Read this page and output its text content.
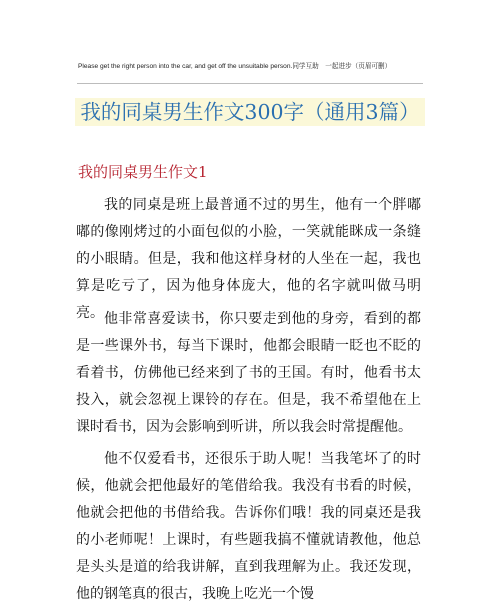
Please get the right person into the car, and get off the unsuitable person.同学互助　一起进步（页眉可删）
我的同桌男生作文300字（通用3篇）
我的同桌男生作文1

我的同桌是班上最普通不过的男生，他有一个胖嘟嘟的像刚烤过的小面包似的小脸，一笑就能眯成一条缝的小眼睛。但是，我和他这样身材的人坐在一起，我也算是吃亏了，因为他身体庞大，他的名字就叫做马明亮。 他非常喜爱读书，你只要走到他的身旁，看到的都是一些课外书，每当下课时，他都会眼睛一眨也不眨的看着书，仿佛他已经来到了书的王国。有时，他看书太投入，就会忽视上课铃的存在。但是，我不希望他在上课时看书，因为会影响到听讲，所以我会时常提醒他。

他不仅爱看书，还很乐于助人呢！当我笔坏了的时候，他就会把他最好的笔借给我。我没有书看的时候，他就会把他的书借给我。告诉你们哦！我的同桌还是我的小老师呢！上课时，有些题我搞不懂就请教他，他总是头头是道的给我讲解，直到我理解为止。我还发现，他的钢笔真的很古，我晚上吃光一个馒
